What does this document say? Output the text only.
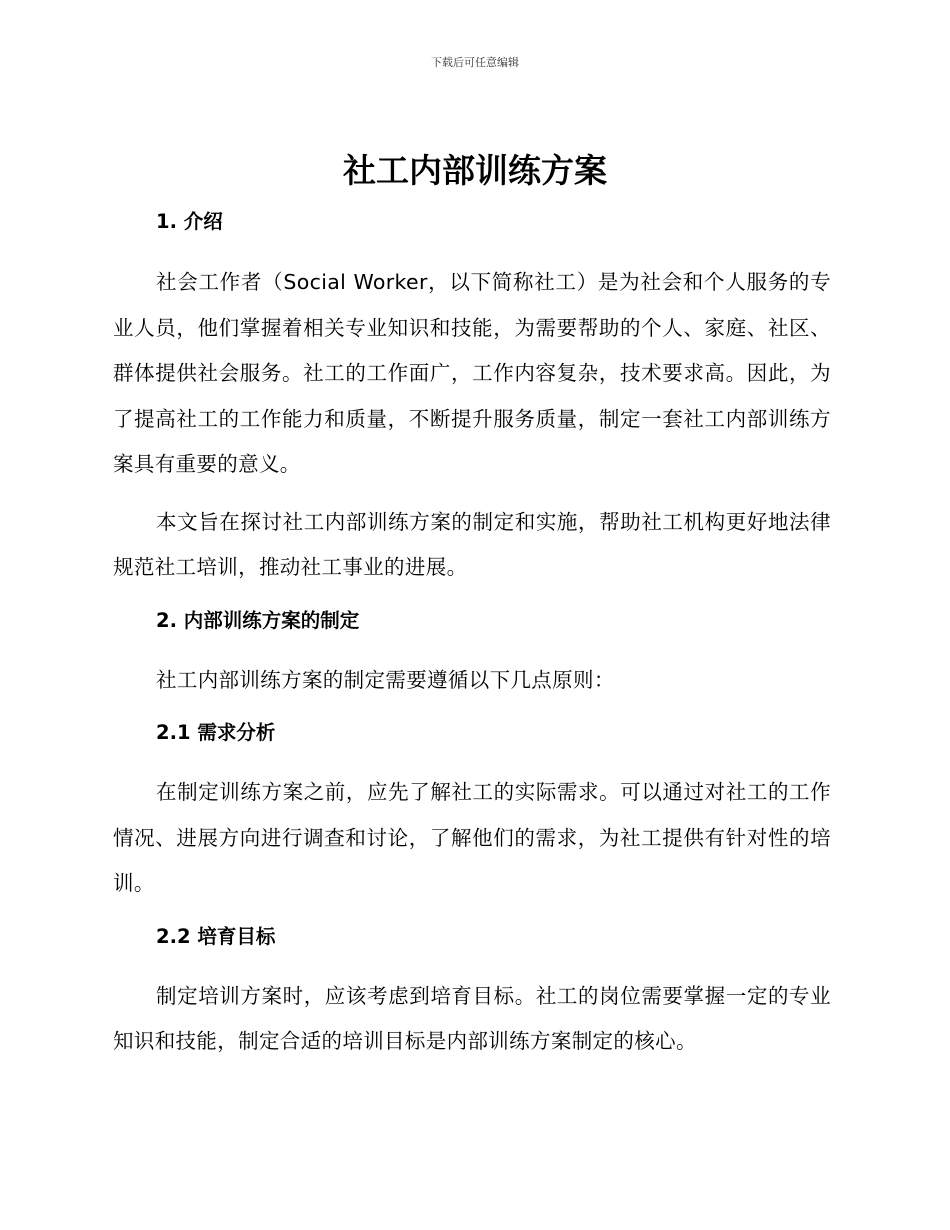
下载后可任意编辑
社工内部训练方案
1. 介绍

社会工作者（Social Worker，以下简称社工）是为社会和个人服务的专业人员，他们掌握着相关专业知识和技能，为需要帮助的个人、家庭、社区、群体提供社会服务。社工的工作面广，工作内容复杂，技术要求高。因此，为了提高社工的工作能力和质量，不断提升服务质量，制定一套社工内部训练方案具有重要的意义。

本文旨在探讨社工内部训练方案的制定和实施，帮助社工机构更好地法律规范社工培训，推动社工事业的进展。

2. 内部训练方案的制定

社工内部训练方案的制定需要遵循以下几点原则：

2.1 需求分析

在制定训练方案之前，应先了解社工的实际需求。可以通过对社工的工作情况、进展方向进行调查和讨论，了解他们的需求，为社工提供有针对性的培训。

2.2 培育目标

制定培训方案时，应该考虑到培育目标。社工的岗位需要掌握一定的专业知识和技能，制定合适的培训目标是内部训练方案制定的核心。
